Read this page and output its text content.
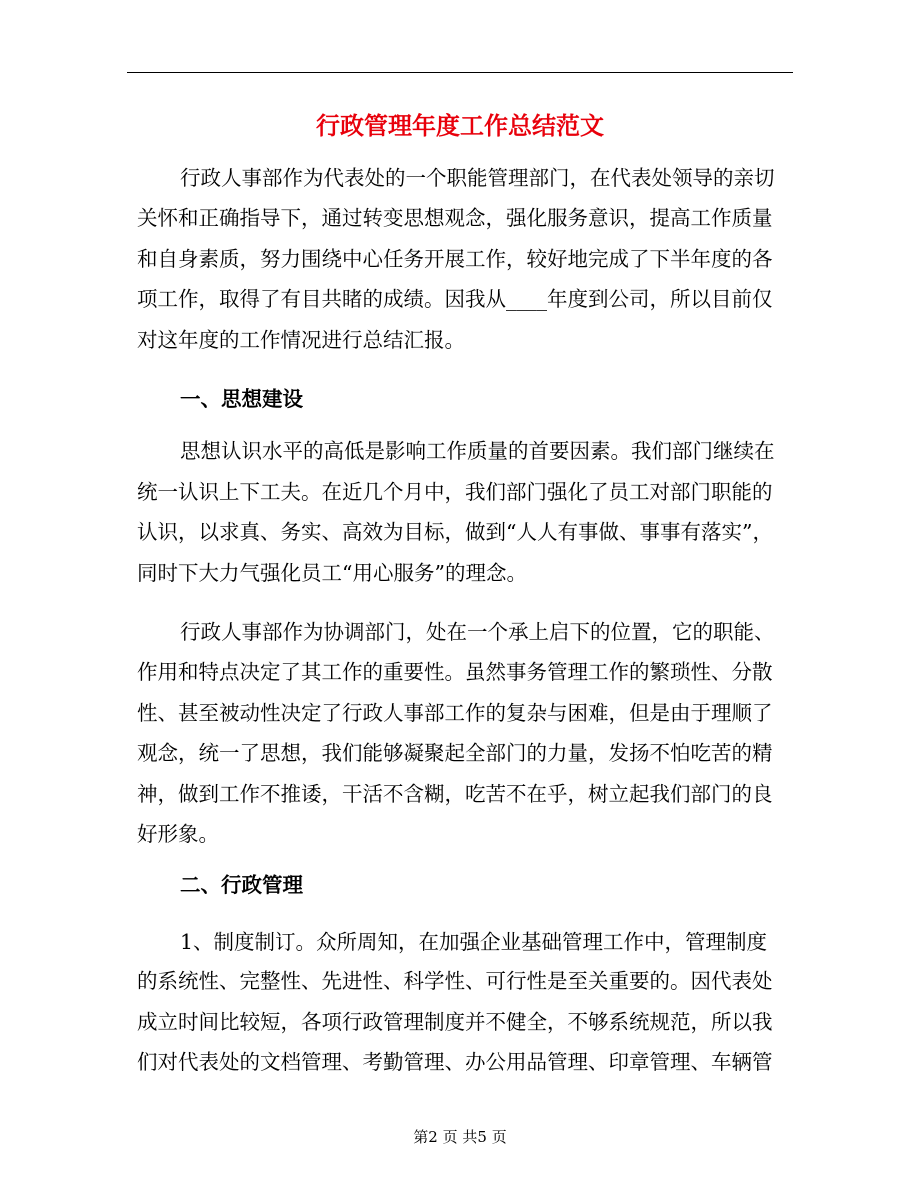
行政管理年度工作总结范文
行政人事部作为代表处的一个职能管理部门，在代表处领导的亲切
关怀和正确指导下，通过转变思想观念，强化服务意识，提高工作质量
和自身素质，努力围绕中心任务开展工作，较好地完成了下半年度的各
项工作，取得了有目共睹的成绩。因我从____年度到公司，所以目前仅
对这年度的工作情况进行总结汇报。
一、思想建设
思想认识水平的高低是影响工作质量的首要因素。我们部门继续在
统一认识上下工夫。在近几个月中，我们部门强化了员工对部门职能的
认识，以求真、务实、高效为目标，做到“人人有事做、事事有落实”，
同时下大力气强化员工“用心服务”的理念。
行政人事部作为协调部门，处在一个承上启下的位置，它的职能、
作用和特点决定了其工作的重要性。虽然事务管理工作的繁琐性、分散
性、甚至被动性决定了行政人事部工作的复杂与困难，但是由于理顺了
观念，统一了思想，我们能够凝聚起全部门的力量，发扬不怕吃苦的精
神，做到工作不推诿，干活不含糊，吃苦不在乎，树立起我们部门的良
好形象。
二、行政管理
1、制度制订。众所周知，在加强企业基础管理工作中，管理制度
的系统性、完整性、先进性、科学性、可行性是至关重要的。因代表处
成立时间比较短，各项行政管理制度并不健全，不够系统规范，所以我
们对代表处的文档管理、考勤管理、办公用品管理、印章管理、车辆管
第2 页 共5 页
